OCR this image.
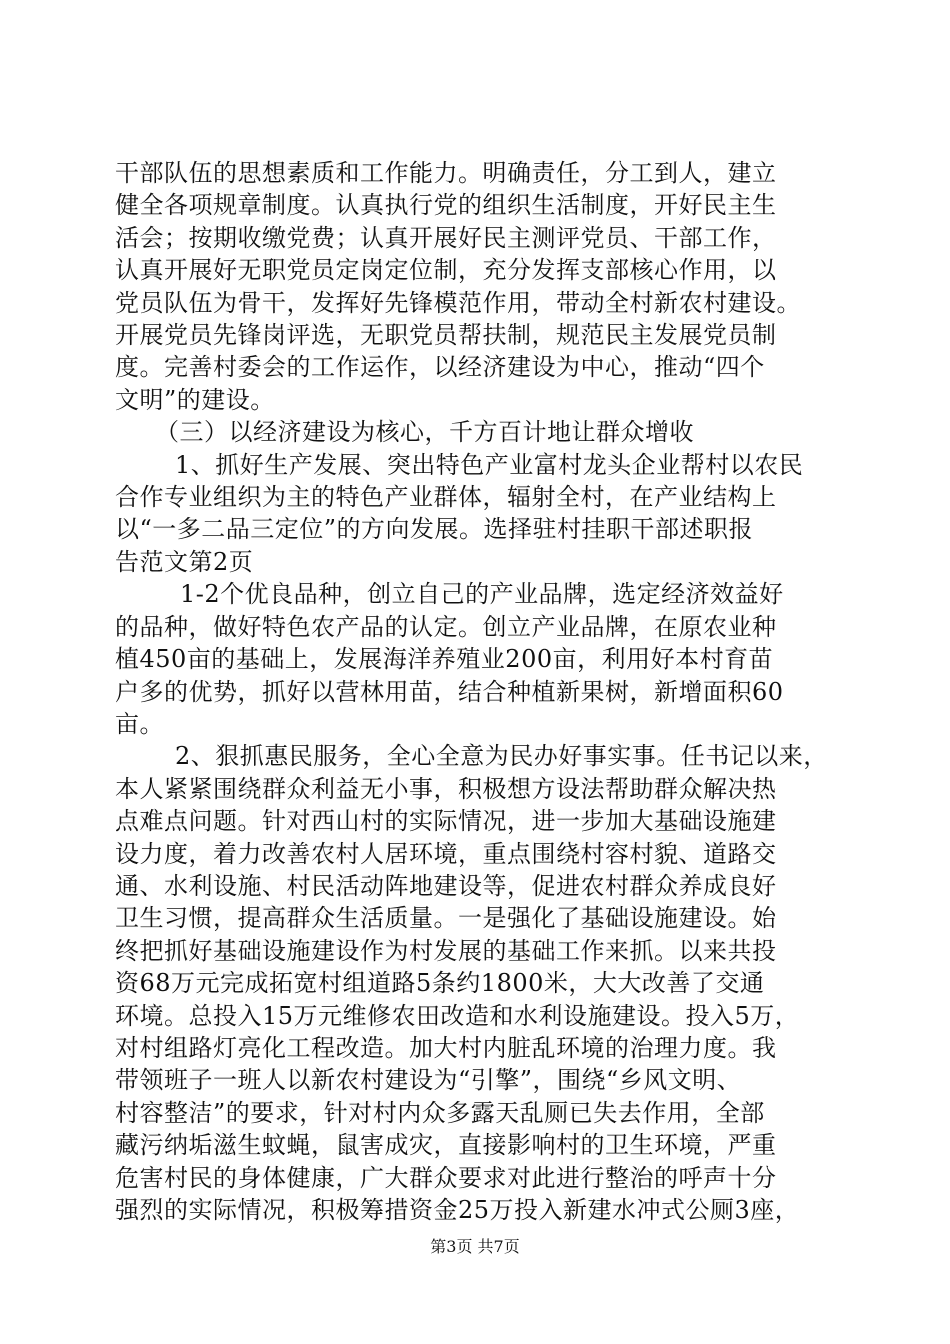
干部队伍的思想素质和工作能力。明确责任，分工到人，建立
健全各项规章制度。认真执行党的组织生活制度，开好民主生
活会；按期收缴党费；认真开展好民主测评党员、干部工作，
认真开展好无职党员定岗定位制，充分发挥支部核心作用，以
党员队伍为骨干，发挥好先锋模范作用，带动全村新农村建设。
开展党员先锋岗评选，无职党员帮扶制，规范民主发展党员制
度。完善村委会的工作运作，以经济建设为中心，推动“四个
文明”的建设。
（三）以经济建设为核心，千方百计地让群众增收
1、抓好生产发展、突出特色产业富村龙头企业帮村以农民
合作专业组织为主的特色产业群体，辐射全村，在产业结构上
以“一多二品三定位”的方向发展。选择驻村挂职干部述职报
告范文第2页
1-2个优良品种，创立自己的产业品牌，选定经济效益好
的品种，做好特色农产品的认定。创立产业品牌，在原农业种
植450亩的基础上，发展海洋养殖业200亩，利用好本村育苗
户多的优势，抓好以营林用苗，结合种植新果树，新增面积60
亩。
2、狠抓惠民服务，全心全意为民办好事实事。任书记以来，
本人紧紧围绕群众利益无小事，积极想方设法帮助群众解决热
点难点问题。针对西山村的实际情况，进一步加大基础设施建
设力度，着力改善农村人居环境，重点围绕村容村貌、道路交
通、水利设施、村民活动阵地建设等，促进农村群众养成良好
卫生习惯，提高群众生活质量。一是强化了基础设施建设。始
终把抓好基础设施建设作为村发展的基础工作来抓。以来共投
资68万元完成拓宽村组道路5条约1800米，大大改善了交通
环境。总投入15万元维修农田改造和水利设施建设。投入5万，
对村组路灯亮化工程改造。加大村内脏乱环境的治理力度。我
带领班子一班人以新农村建设为“引擎”，围绕“乡风文明、
村容整洁”的要求，针对村内众多露天乱厕已失去作用，全部
藏污纳垢滋生蚊蝇，鼠害成灾，直接影响村的卫生环境，严重
危害村民的身体健康，广大群众要求对此进行整治的呼声十分
强烈的实际情况，积极筹措资金25万投入新建水冲式公厕3座，
第3页 共7页
